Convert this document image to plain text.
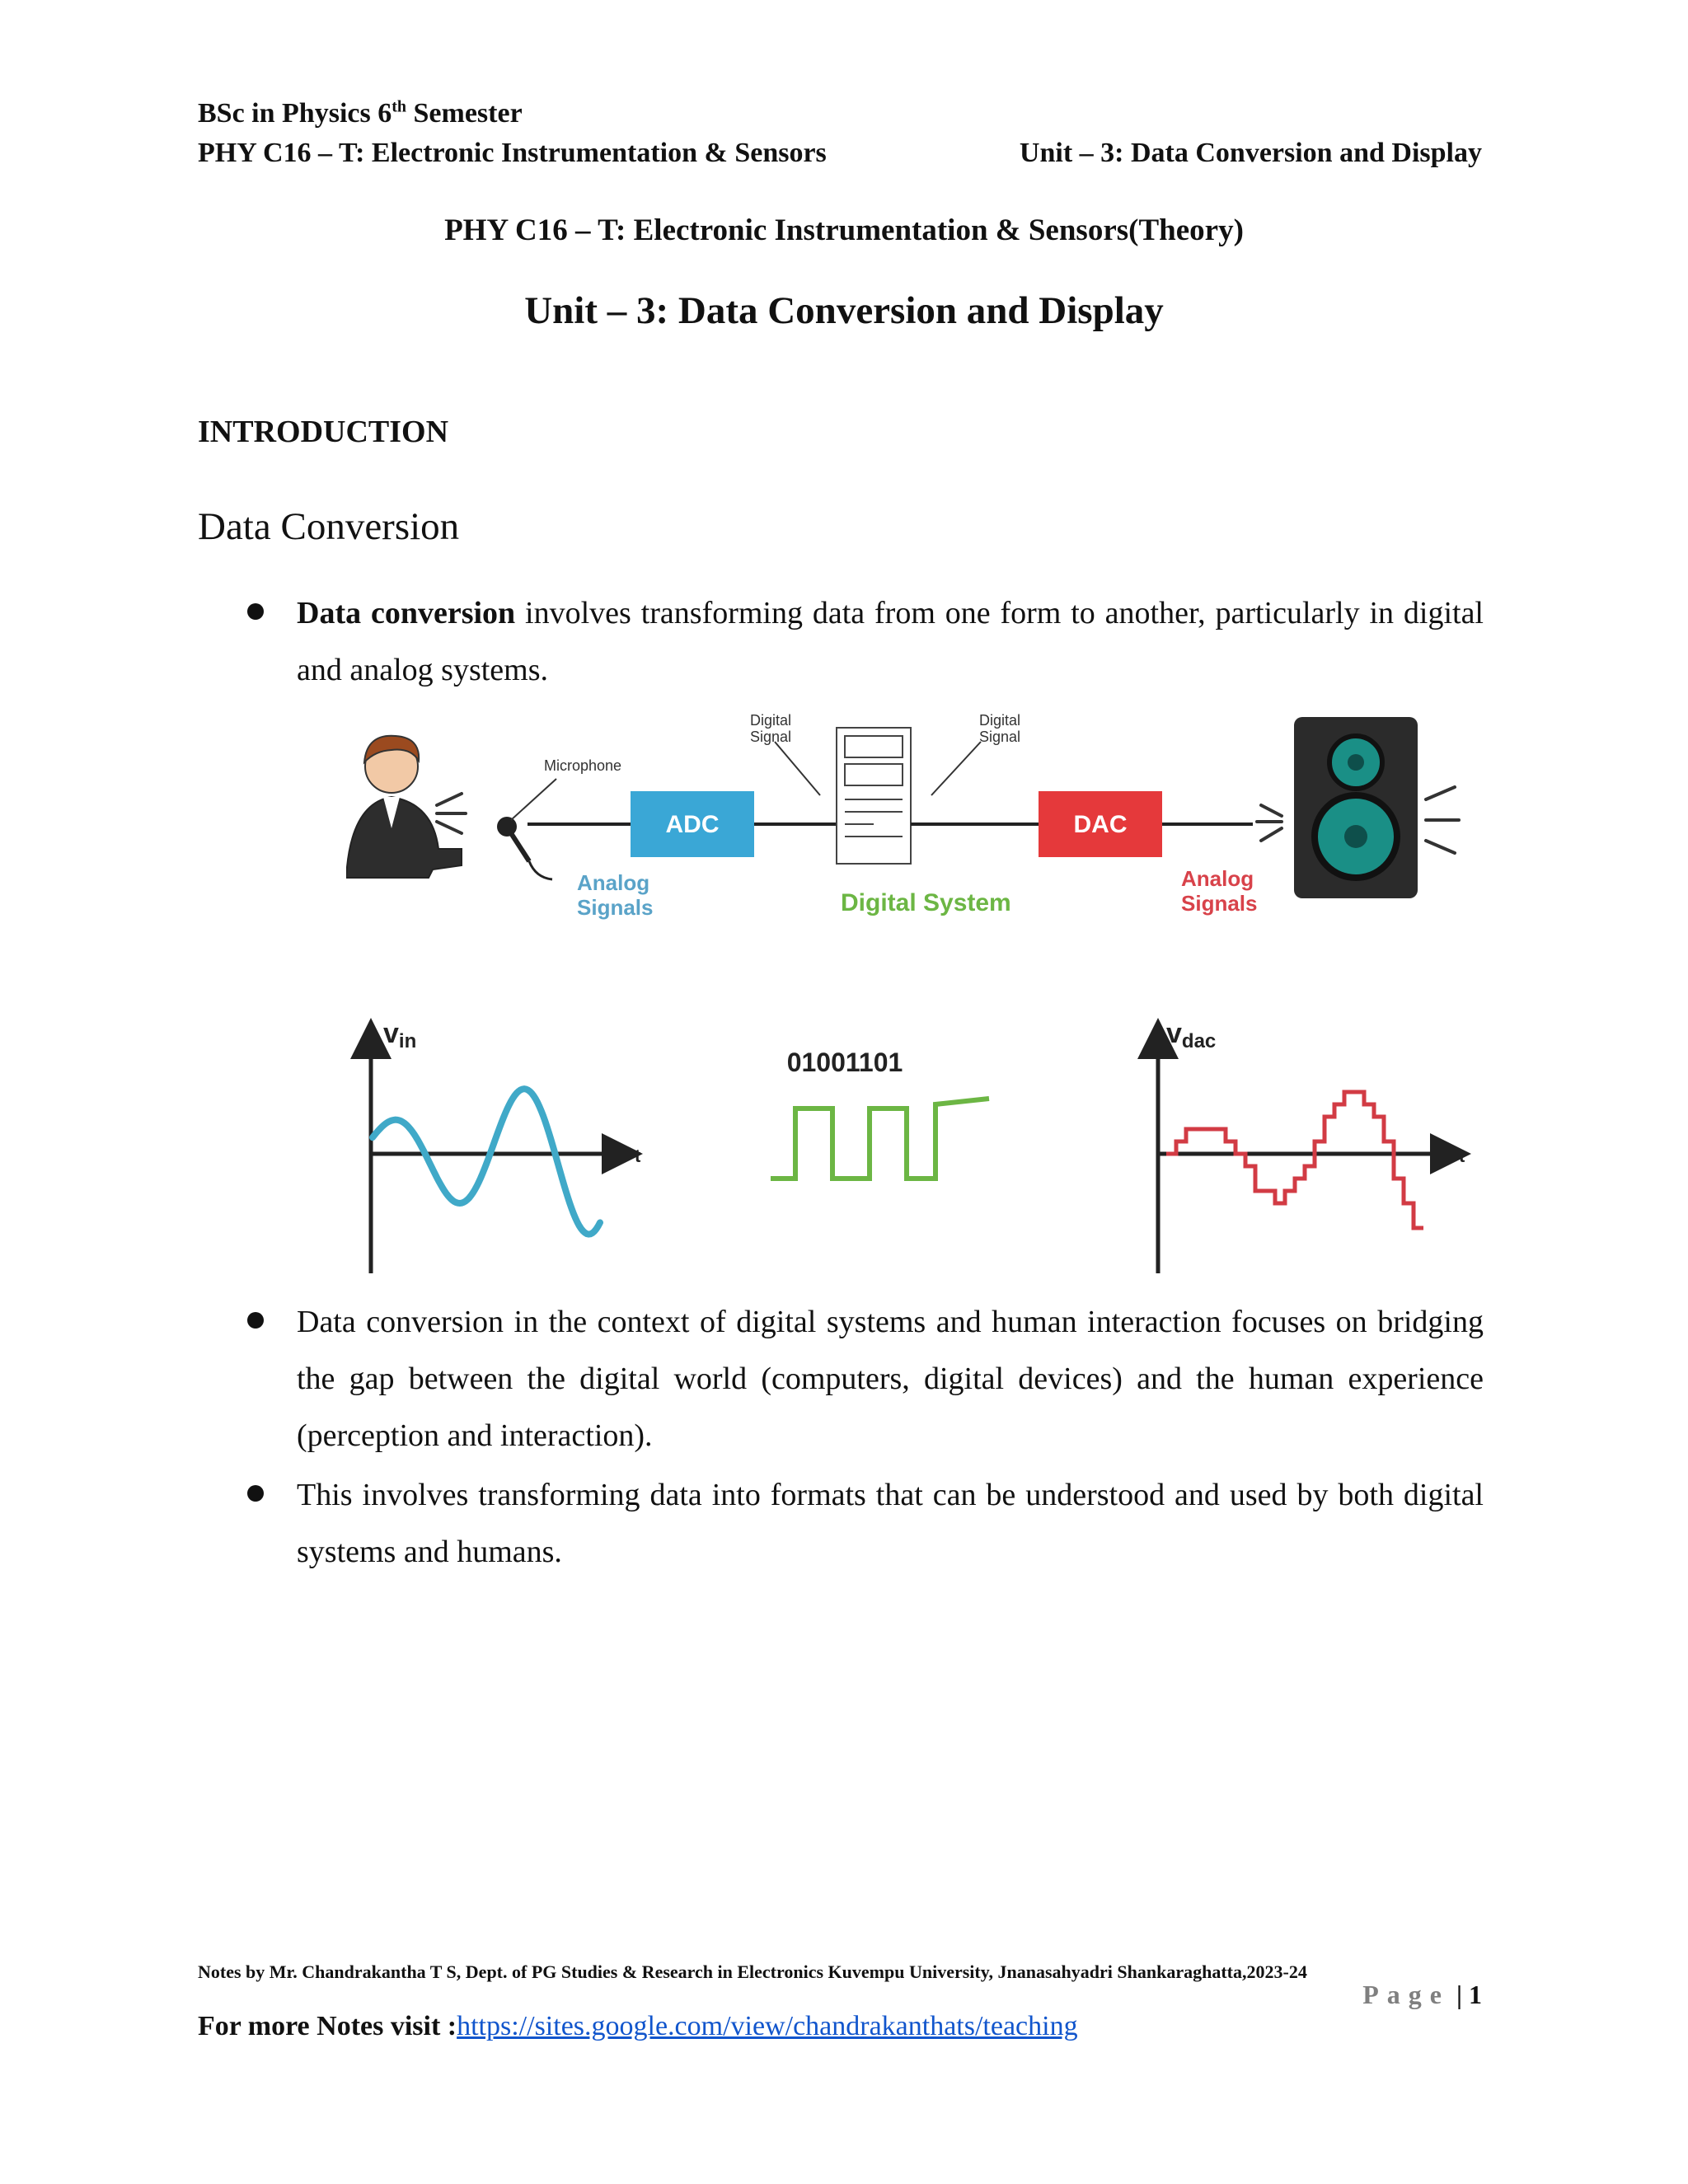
BSc in Physics 6th Semester
PHY C16 – T: Electronic Instrumentation & Sensors	Unit – 3: Data Conversion and Display
PHY C16 – T: Electronic Instrumentation & Sensors(Theory)
Unit – 3: Data Conversion and Display
INTRODUCTION
Data Conversion
Data conversion involves transforming data from one form to another, particularly in digital and analog systems.
Microphone
ADC
Analog
Signals
Digital
Signal
Digital System
Digital
Signal
DAC
Analog
Signals
vin
t
01001101
vdac
t
Data conversion in the context of digital systems and human interaction focuses on bridging the gap between the digital world (computers, digital devices) and the human experience (perception and interaction).
This involves transforming data into formats that can be understood and used by both digital systems and humans.
Notes by Mr. Chandrakantha T S, Dept. of PG Studies & Research in Electronics Kuvempu University, Jnanasahyadri Shankaraghatta,2023-24
Page | 1
For more Notes visit :https://sites.google.com/view/chandrakanthats/teaching
